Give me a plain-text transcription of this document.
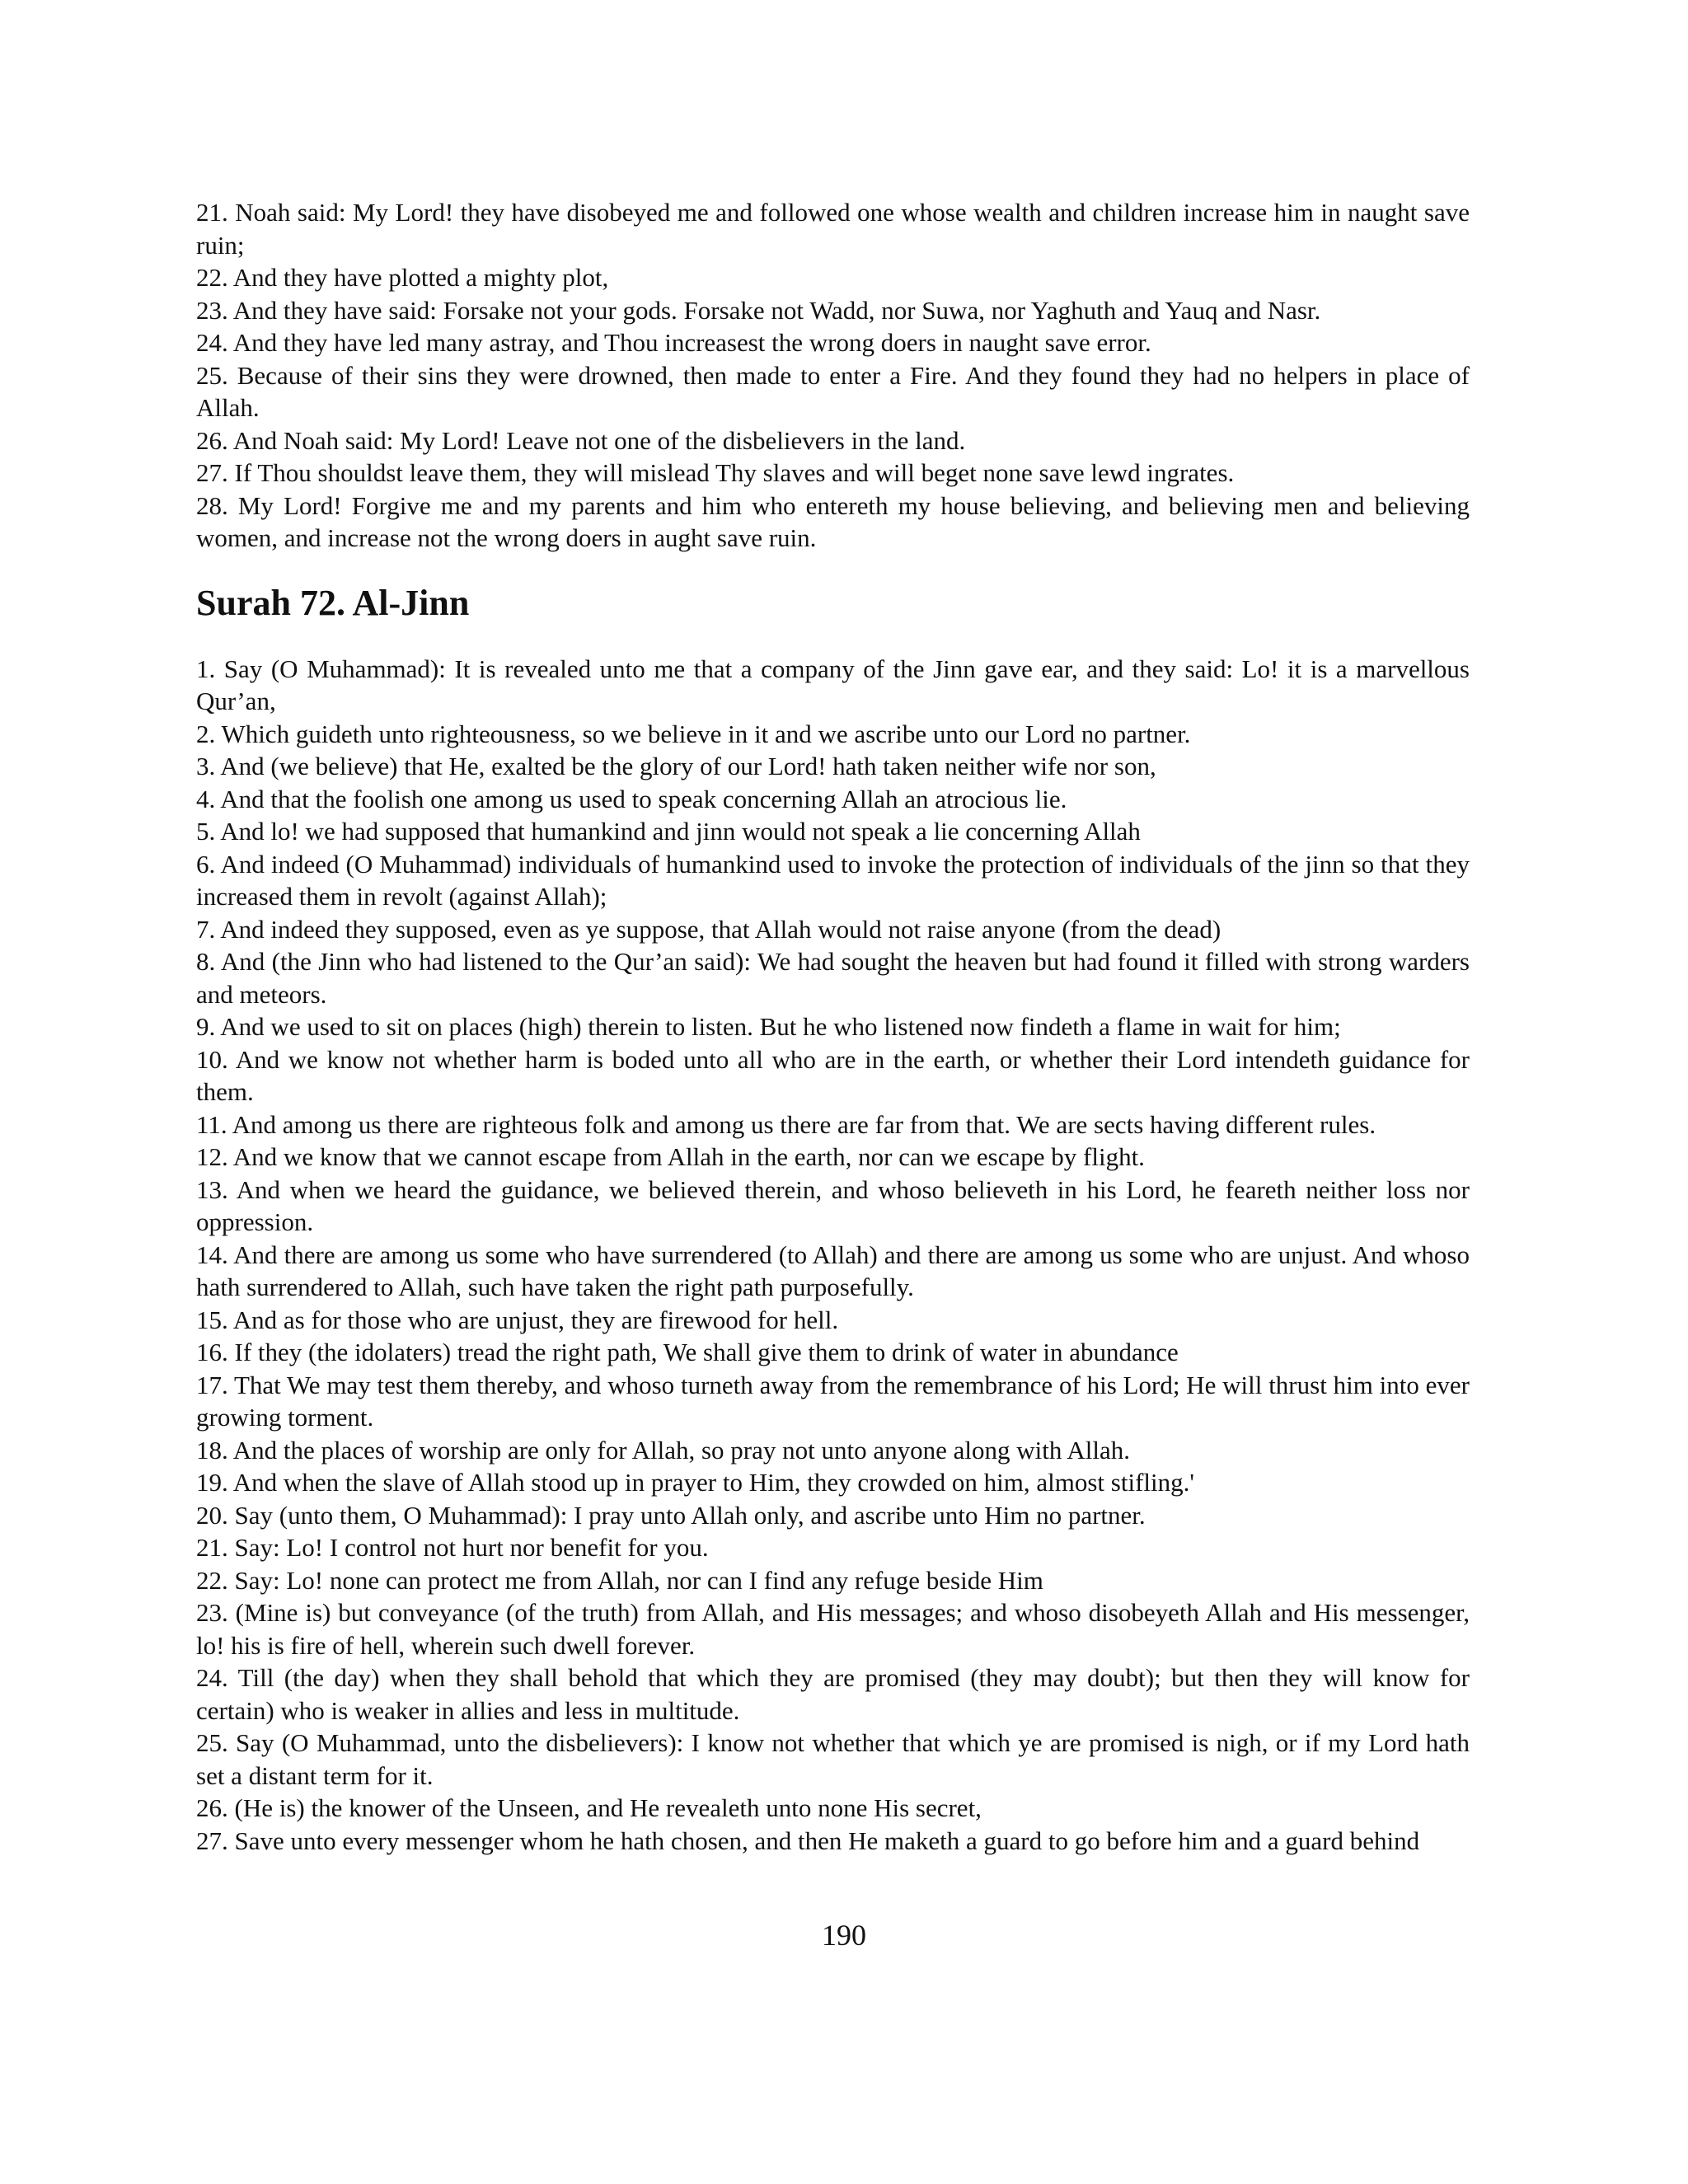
21. Noah said: My Lord! they have disobeyed me and followed one whose wealth and children increase him in naught save ruin;

22. And they have plotted a mighty plot,

23. And they have said: Forsake not your gods. Forsake not Wadd, nor Suwa, nor Yaghuth and Yauq and Nasr.

24. And they have led many astray, and Thou increasest the wrong doers in naught save error.

25. Because of their sins they were drowned, then made to enter a Fire. And they found they had no helpers in place of Allah.

26. And Noah said: My Lord! Leave not one of the disbelievers in the land.

27. If Thou shouldst leave them, they will mislead Thy slaves and will beget none save lewd ingrates.

28. My Lord! Forgive me and my parents and him who entereth my house believing, and believing men and believing women, and increase not the wrong doers in aught save ruin.

Surah 72. Al-Jinn

1. Say (O Muhammad): It is revealed unto me that a company of the Jinn gave ear, and they said: Lo! it is a marvellous Qur’an,

2. Which guideth unto righteousness, so we believe in it and we ascribe unto our Lord no partner.

3. And (we believe) that He, exalted be the glory of our Lord! hath taken neither wife nor son,

4. And that the foolish one among us used to speak concerning Allah an atrocious lie.

5. And lo! we had supposed that humankind and jinn would not speak a lie concerning Allah

6. And indeed (O Muhammad) individuals of humankind used to invoke the protection of individuals of the jinn so that they increased them in revolt (against Allah);

7. And indeed they supposed, even as ye suppose, that Allah would not raise anyone (from the dead)

8. And (the Jinn who had listened to the Qur’an said): We had sought the heaven but had found it filled with strong warders and meteors.

9. And we used to sit on places (high) therein to listen. But he who listened now findeth a flame in wait for him;

10. And we know not whether harm is boded unto all who are in the earth, or whether their Lord intendeth guidance for them.

11. And among us there are righteous folk and among us there are far from that. We are sects having different rules.

12. And we know that we cannot escape from Allah in the earth, nor can we escape by flight.

13. And when we heard the guidance, we believed therein, and whoso believeth in his Lord, he feareth neither loss nor oppression.

14. And there are among us some who have surrendered (to Allah) and there are among us some who are unjust. And whoso hath surrendered to Allah, such have taken the right path purposefully.

15. And as for those who are unjust, they are firewood for hell.

16. If they (the idolaters) tread the right path, We shall give them to drink of water in abundance

17. That We may test them thereby, and whoso turneth away from the remembrance of his Lord; He will thrust him into ever growing torment.

18. And the places of worship are only for Allah, so pray not unto anyone along with Allah.

19. And when the slave of Allah stood up in prayer to Him, they crowded on him, almost stifling.'

20. Say (unto them, O Muhammad): I pray unto Allah only, and ascribe unto Him no partner.

21. Say: Lo! I control not hurt nor benefit for you.

22. Say: Lo! none can protect me from Allah, nor can I find any refuge beside Him

23. (Mine is) but conveyance (of the truth) from Allah, and His messages; and whoso disobeyeth Allah and His messenger, lo! his is fire of hell, wherein such dwell forever.

24. Till (the day) when they shall behold that which they are promised (they may doubt); but then they will know for certain) who is weaker in allies and less in multitude.

25. Say (O Muhammad, unto the disbelievers): I know not whether that which ye are promised is nigh, or if my Lord hath set a distant term for it.

26. (He is) the knower of the Unseen, and He revealeth unto none His secret,

27. Save unto every messenger whom he hath chosen, and then He maketh a guard to go before him and a guard behind

190
